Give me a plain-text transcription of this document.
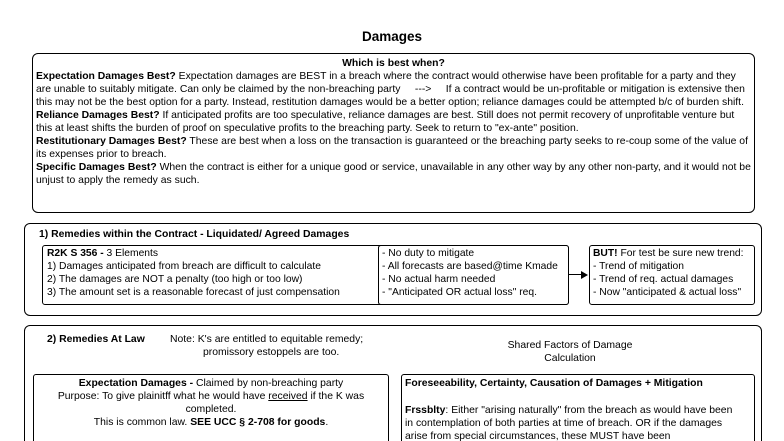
Damages
Which is best when?
Expectation Damages Best? Expectation damages are BEST in a breach where the contract would otherwise have been profitable for a party and they are unable to suitably mitigate. Can only be claimed by the non-breaching party     --->     If a contract would be un-profitable or mitigation is extensive then this may not be the best option for a party. Instead, restitution damages would be a better option; reliance damages could be attempted b/c of burden shift.
Reliance Damages Best? If anticipated profits are too speculative, reliance damages are best. Still does not permit recovery of unprofitable venture but this at least shifts the burden of proof on speculative profits to the breaching party. Seek to return to "ex-ante" position.
Restitutionary Damages Best? These are best when a loss on the transaction is guaranteed or the breaching party seeks to re-coup some of the value of its expenses prior to breach.
Specific Damages Best? When the contract is either for a unique good or service, unavailable in any other way by any other non-party, and it would not be unjust to apply the remedy as such.
1) Remedies within the Contract - Liquidated/ Agreed Damages
R2K S 356 - 3 Elements
1) Damages anticipated from breach are difficult to calculate
2) The damages are NOT a penalty (too high or too low)
3) The amount set is a reasonable forecast of just compensation
- No duty to mitigate
- All forecasts are based@time Kmade
- No actual harm needed
- "Anticipated OR actual loss" req.
BUT! For test be sure new trend:
- Trend of mitigation
- Trend of req. actual damages
- Now "anticipated & actual loss"
2) Remedies At Law Note: K's are entitled to equitable remedy;
promissory estoppels are too.
Shared Factors of Damage
Calculation
Expectation Damages - Claimed by non-breaching party
Purpose: To give plainitff what he would have received if the K was
completed.
This is common law. SEE UCC § 2-708 for goods.
Foreseeability, Certainty, Causation of Damages + Mitigation
Frssblty: Either "arising naturally" from the breach as would have been
in contemplation of both parties at time of breach. OR if the damages
arise from special circumstances, these MUST have been
